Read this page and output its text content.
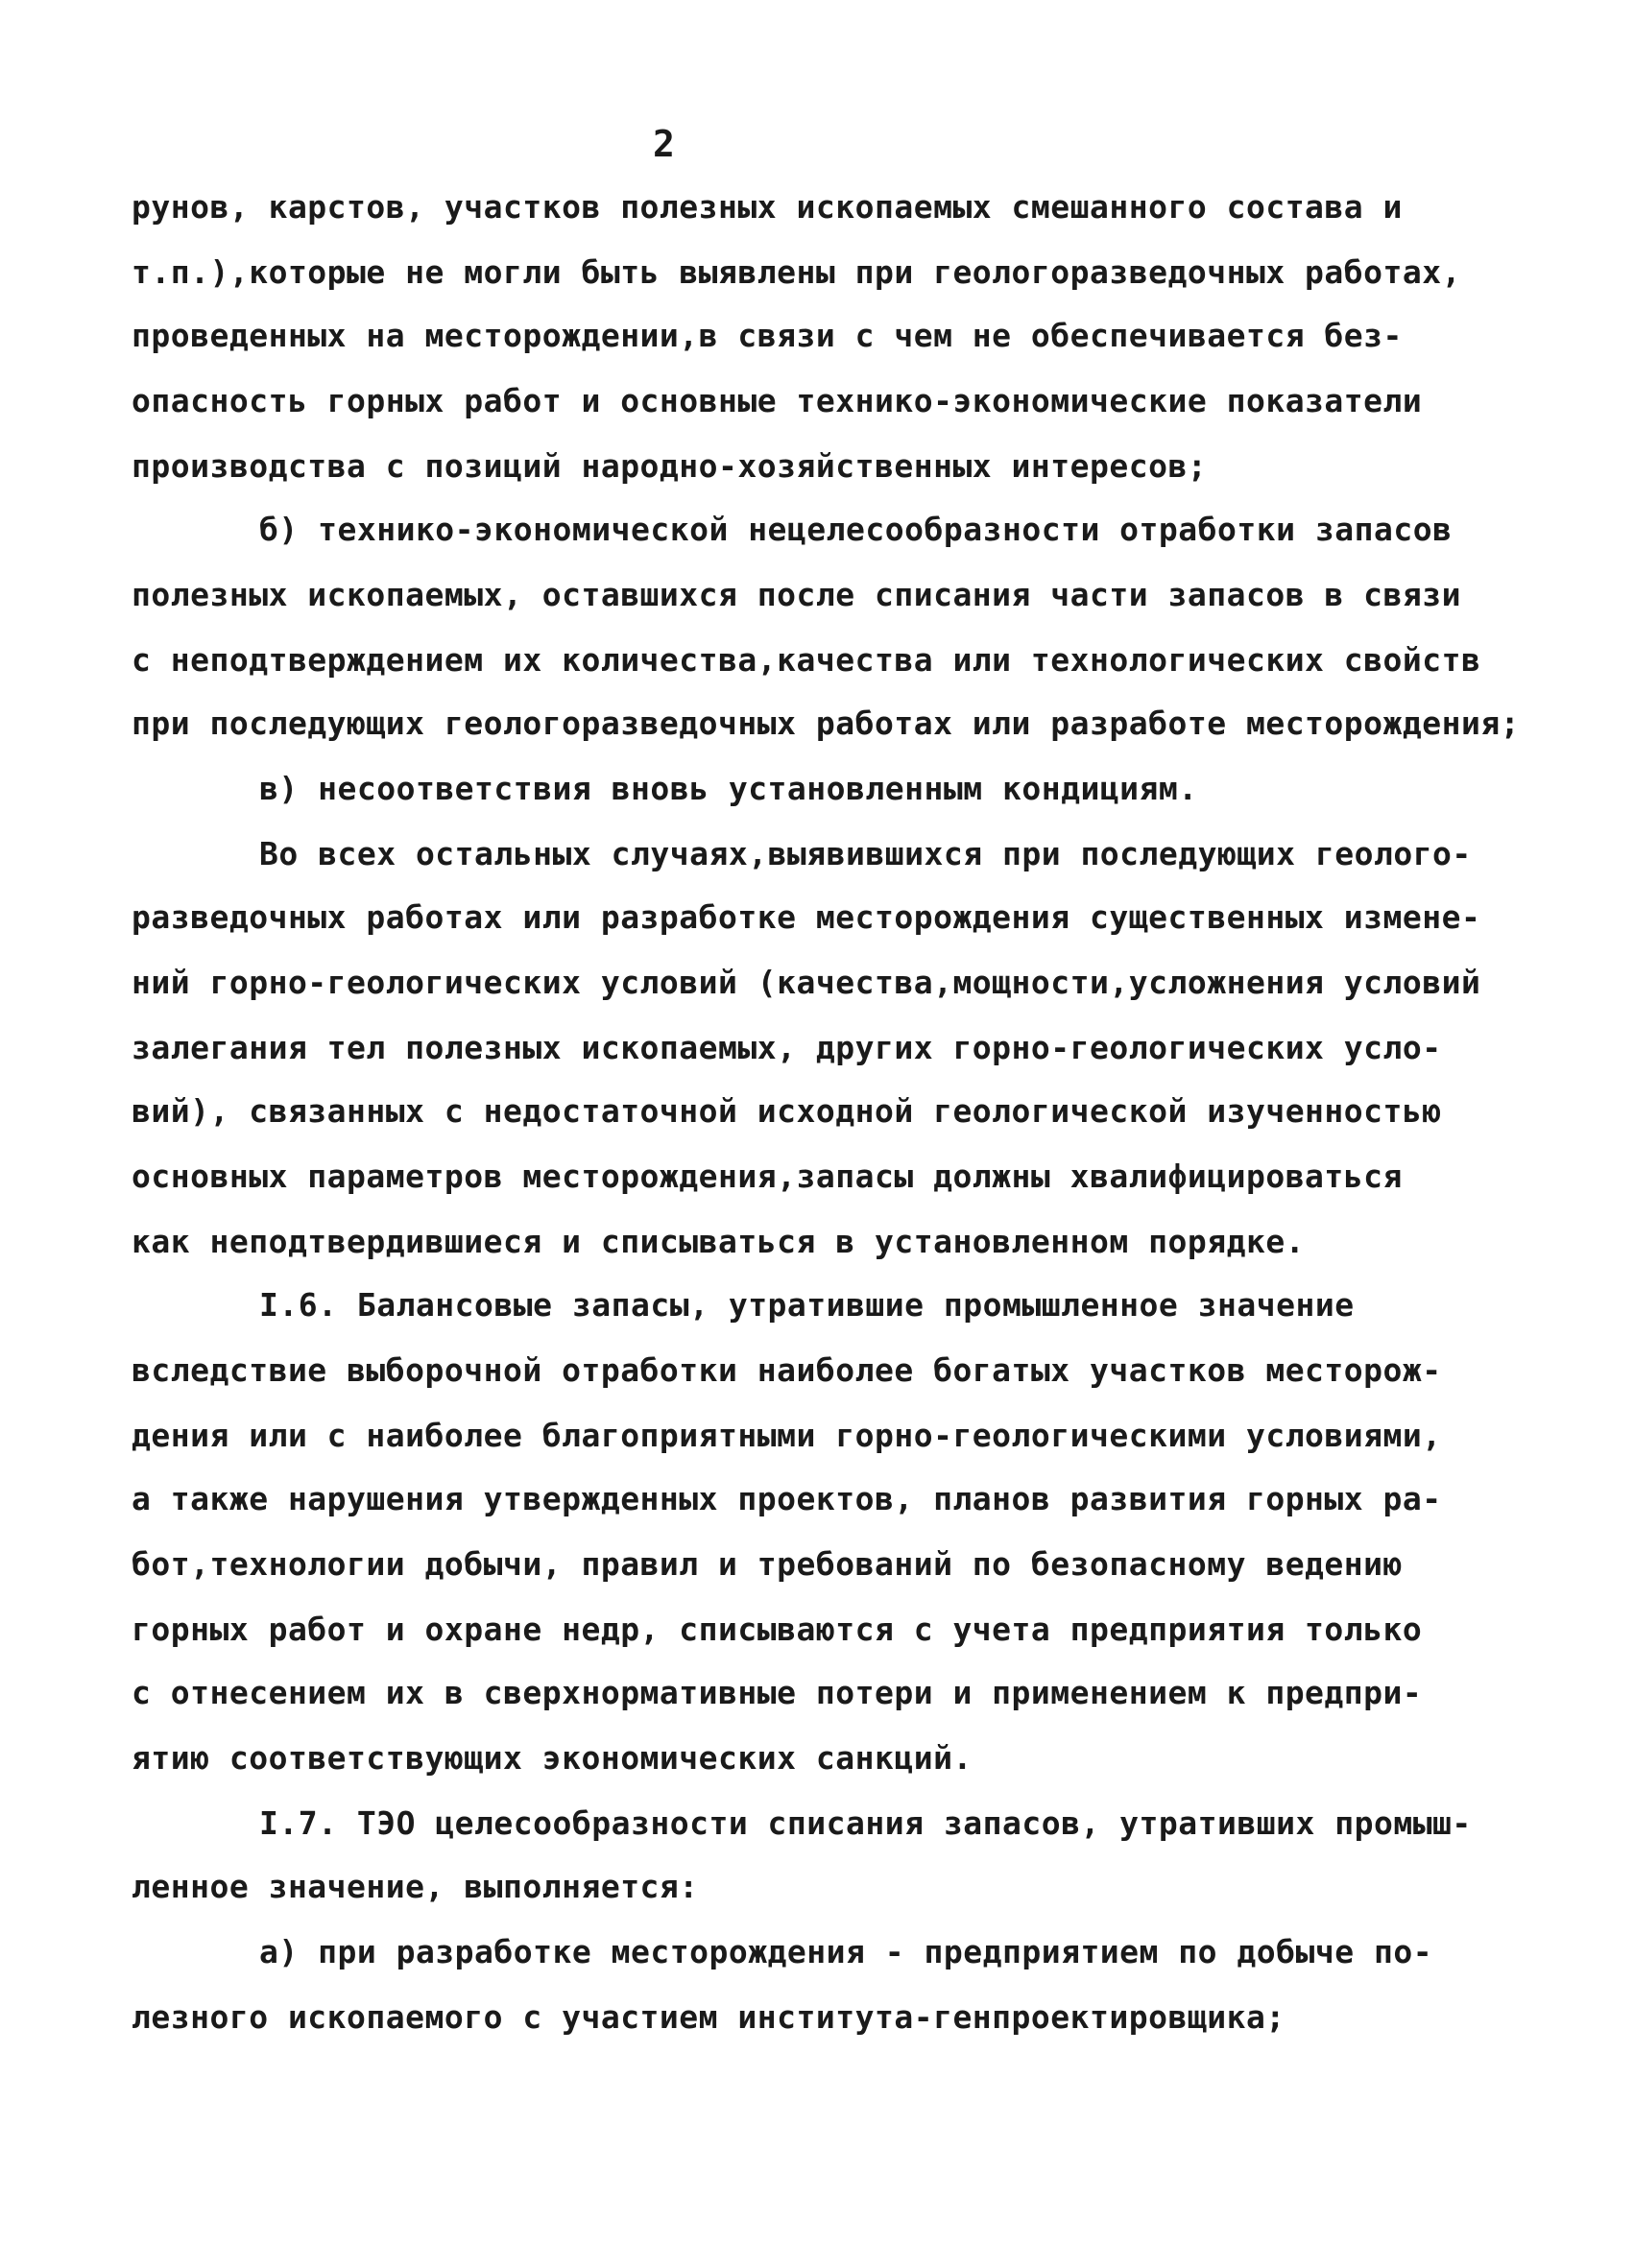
2
рунов, карстов, участков полезных ископаемых смешанного состава и
т.п.),которые не могли быть выявлены при геологоразведочных работах,
проведенных на месторождении,в связи с чем не обеспечивается без-
опасность горных работ и основные технико-экономические показатели
производства с позиций народно-хозяйственных интересов;
б) технико-экономической нецелесообразности отработки запасов
полезных ископаемых, оставшихся после списания части запасов в связи
с неподтверждением их количества,качества или технологических свойств
при последующих геологоразведочных работах или разработе месторождения;
в) несоответствия вновь установленным кондициям.
Во всех остальных случаях,выявившихся при последующих геолого-
разведочных работах или разработке месторождения существенных измене-
ний горно-геологических условий (качества,мощности,усложнения условий
залегания тел полезных ископаемых, других горно-геологических усло-
вий), связанных с недостаточной исходной геологической изученностью
основных параметров месторождения,запасы должны хвалифицироваться
как неподтвердившиеся и списываться в установленном порядке.
I.6. Балансовые запасы, утратившие промышленное значение
вследствие выборочной отработки наиболее богатых участков месторож-
дения или с наиболее благоприятными горно-геологическими условиями,
а также нарушения утвержденных проектов, планов развития горных ра-
бот,технологии добычи, правил и требований по безопасному ведению
горных работ и охране недр, списываются с учета предприятия только
с отнесением их в сверхнормативные потери и применением к предпри-
ятию соответствующих экономических санкций.
I.7. ТЭО целесообразности списания запасов, утративших промыш-
ленное значение, выполняется:
а) при разработке месторождения - предприятием по добыче по-
лезного ископаемого с участием института-генпроектировщика;
